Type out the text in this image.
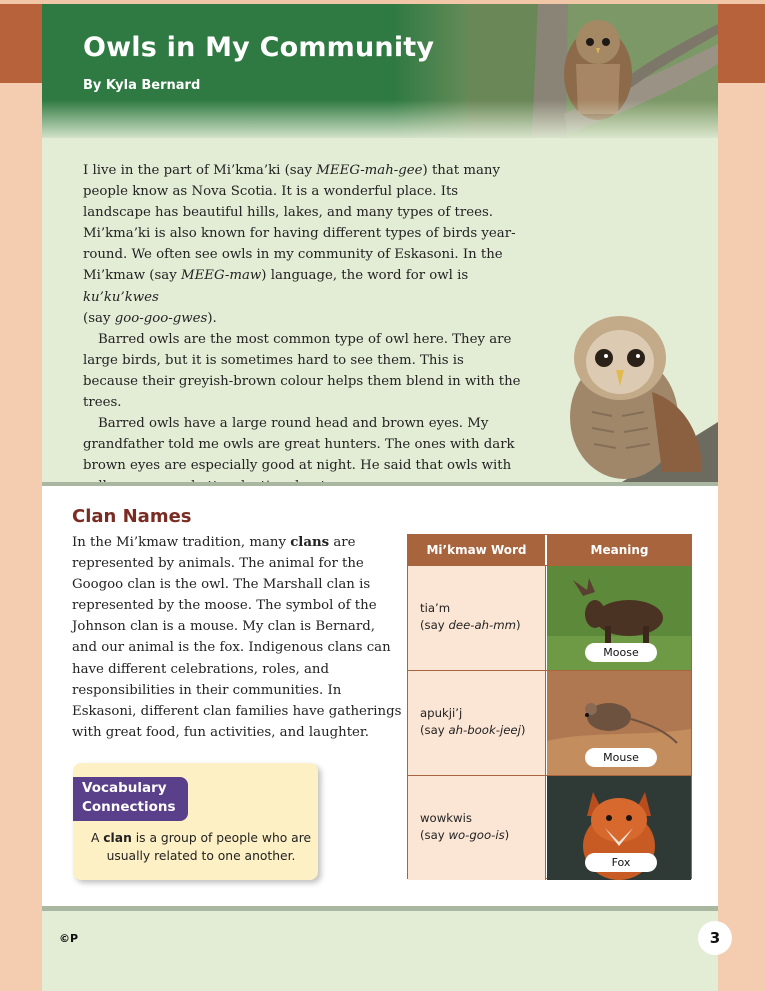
Owls in My Community
By Kyla Bernard

I live in the part of Mi’kma’ki (say MEEG-mah-gee) that many people know as Nova Scotia. It is a wonderful place. Its landscape has beautiful hills, lakes, and many types of trees. Mi’kma’ki is also known for having different types of birds year-round. We often see owls in my community of Eskasoni. In the Mi’kmaw (say MEEG-maw) language, the word for owl is ku’ku’kwes
(say goo-goo-gwes).

Barred owls are the most common type of owl here. They are large birds, but it is sometimes hard to see them. This is because their greyish-brown colour helps them blend in with the trees.

Barred owls have a large round head and brown eyes. My grandfather told me owls are great hunters. The ones with dark brown eyes are especially good at night. He said that owls with

Clan Names
In the Mi’kmaw tradition, many clans are represented by animals. The animal for the Googoo clan is the owl. The Marshall clan is represented by the moose. The symbol of the Johnson clan is a mouse. My clan is Bernard, and our animal is the fox. Indigenous clans can have different celebrations, roles, and responsibilities in their communities. In Eskasoni, different clan families have gatherings with great food, fun activities, and laughter.
Vocabulary
Connections
A clan is a group of people who are usually related to one another.
Mi’kmaw Word	Meaning
tia’m
(say dee-ah-mm)
Moose
apukji’j
(say ah-book-jeej)
Mouse
wowkwis
(say wo-goo-is)
Fox
©P	3
